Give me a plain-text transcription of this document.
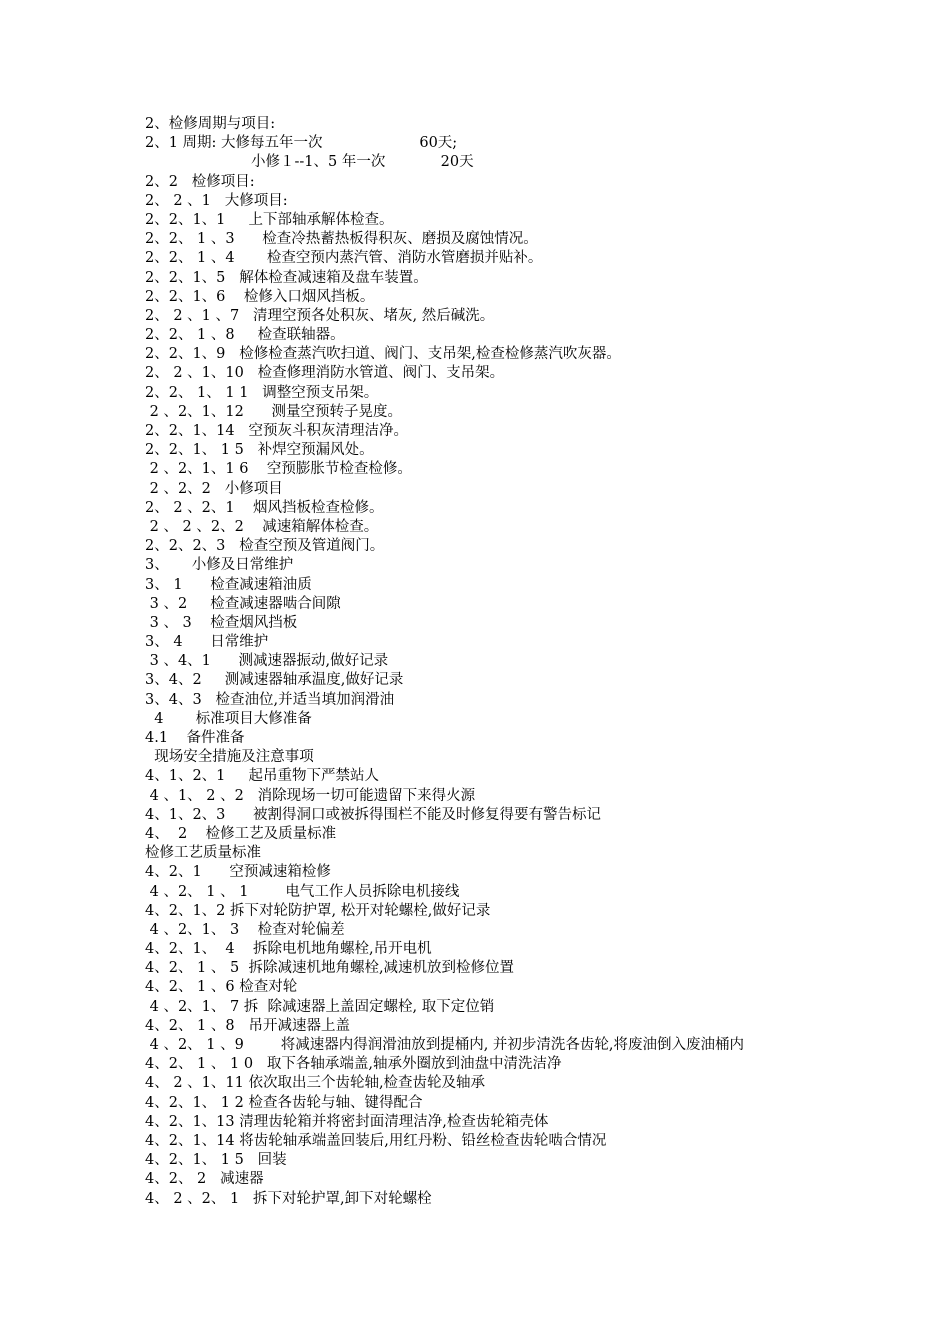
2、检修周期与项目:
2、1 周期: 大修每五年一次                     60天;
小修１--1、5 年一次            20天
2、2   检修项目:
2、 2 、1   大修项目:
2、2、1、1     上下部轴承解体检查。
2、2、 1 、3      检查冷热蓄热板得积灰、磨损及腐蚀情况。
2、2、 1 、4       检查空预内蒸汽管、消防水管磨损并贴补。
2、2、1、5   解体检查减速箱及盘车装置。
2、2、1、6    检修入口烟风挡板。
2、 2 、1 、7   清理空预各处积灰、堵灰, 然后碱洗。
2、2、 1 、8     检查联轴器。
2、2、1、9   检修检查蒸汽吹扫道、阀门、支吊架,检查检修蒸汽吹灰器。
2、 2 、1、10   检查修理消防水管道、阀门、支吊架。
2、2、 1、 1 1   调整空预支吊架。
2 、2、1、12      测量空预转子晃度。
2、2、1、14   空预灰斗积灰清理洁净。
2、2、1、 1 5   补焊空预漏风处。
2 、2、1、1 6    空预膨胀节检查检修。
2 、2、2   小修项目
2、 2 、2、1    烟风挡板检查检修。
2 、 2 、2、2    减速箱解体检查。
2、2、2、3   检查空预及管道阀门。
3、     小修及日常维护
3、 1      检查减速箱油质
3 、2     检查减速器啮合间隙
3 、 3    检查烟风挡板
3、 4      日常维护
3 、4、1      测减速器振动,做好记录
3、4、2     测减速器轴承温度,做好记录
3、4、3   检查油位,并适当填加润滑油
4       标准项目大修准备
4.1    备件准备
现场安全措施及注意事项
4、1、2、1     起吊重物下严禁站人
4 、1、 2 、2   消除现场一切可能遗留下来得火源
4、1、2、3      被割得洞口或被拆得围栏不能及时修复得要有警告标记
4、  2    检修工艺及质量标准
检修工艺质量标准
4、2、1      空预减速箱检修
4 、2、 1 、 1        电气工作人员拆除电机接线
4、2、1、2 拆下对轮防护罩, 松开对轮螺栓,做好记录
4 、2、1、 3    检查对轮偏差
4、2、1、  4    拆除电机地角螺栓,吊开电机
4、2、 1 、 5  拆除减速机地角螺栓,减速机放到检修位置
4、2、 1 、6 检查对轮
4 、2、1、 7 拆  除减速器上盖固定螺栓, 取下定位销
4、2、 1 、8   吊开减速器上盖
4 、2、 1 、9        将减速器内得润滑油放到提桶内, 并初步清洗各齿轮,将废油倒入废油桶内
4、2、 1 、 1 0   取下各轴承端盖,轴承外圈放到油盘中清洗洁净
4、 2 、1、11 依次取出三个齿轮轴,检查齿轮及轴承
4、2、1、 1 2 检查各齿轮与轴、键得配合
4、2、1、13 清理齿轮箱并将密封面清理洁净,检查齿轮箱壳体
4、2、1、14 将齿轮轴承端盖回装后,用红丹粉、铅丝检查齿轮啮合情况
4、2、1、 1 5   回装
4、2、 2   减速器
4、 2 、2、 1   拆下对轮护罩,卸下对轮螺栓
